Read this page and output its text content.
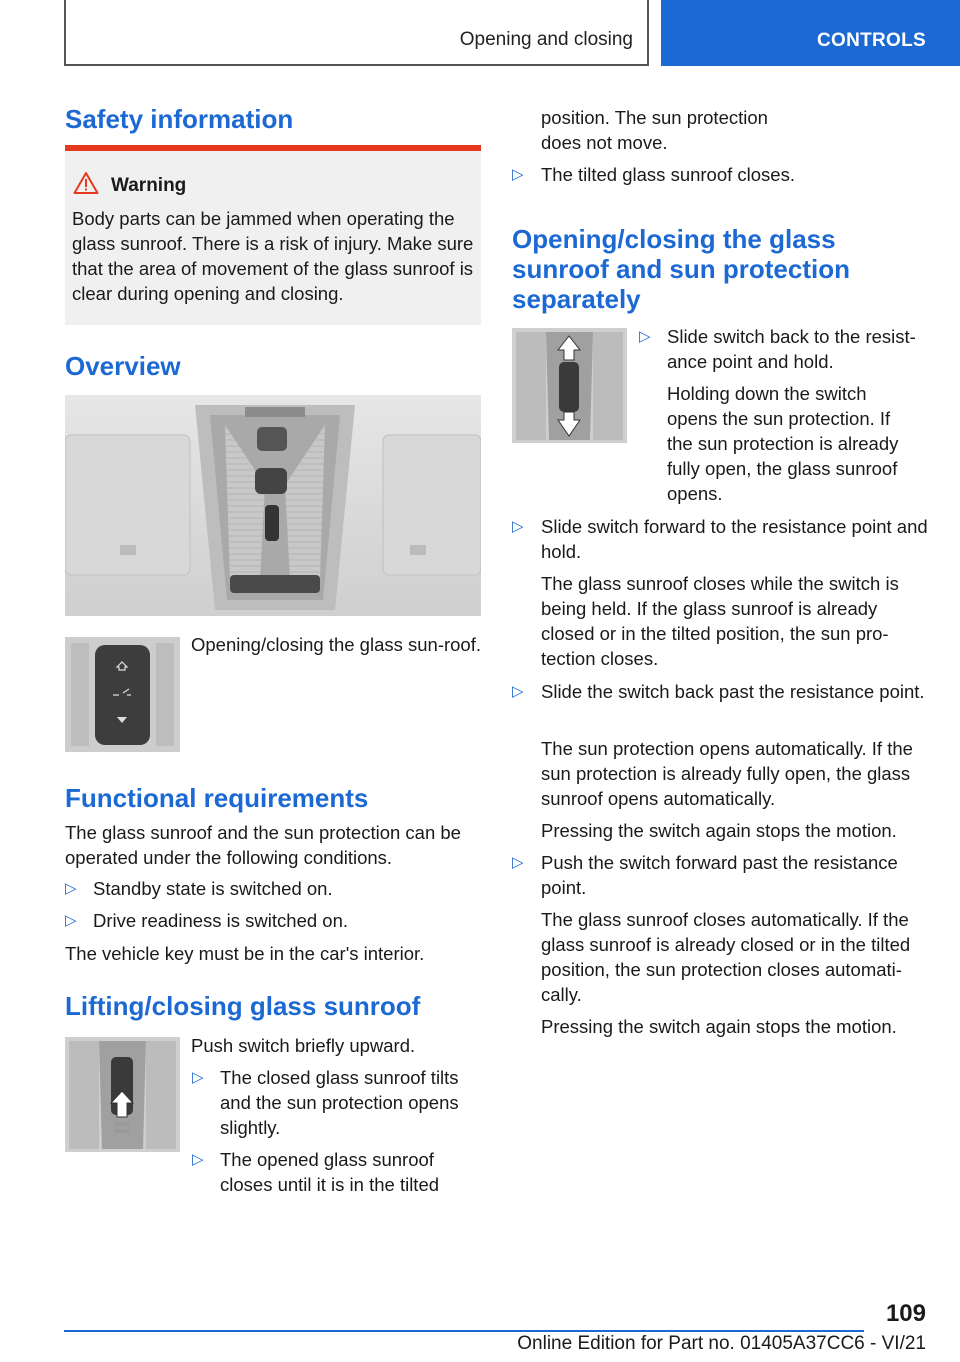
Opening and closing	CONTROLS
Safety information
Warning

Body parts can be jammed when operating the glass sunroof. There is a risk of injury. Make sure that the area of movement of the glass sunroof is clear during opening and closing.

Overview

Opening/closing the glass sun-roof.

Functional requirements

The glass sunroof and the sun protection can be operated under the following conditions.

▷ Standby state is switched on.
▷ Drive readiness is switched on.

The vehicle key must be in the car's interior.

Lifting/closing glass sunroof

Push switch briefly upward.

▷ The closed glass sunroof tilts and the sun protection opens slightly.
▷ The opened glass sunroof closes until it is in the tilted

position. The sun protection does not move.

▷ The tilted glass sunroof closes.
Opening/closing the glass sunroof and sun protection separately
▷ Slide switch back to the resist-ance point and hold.

Holding down the switch opens the sun protection. If the sun protection is already fully open, the glass sunroof opens.

▷ Slide switch forward to the resistance point and hold.

The glass sunroof closes while the switch is being held. If the glass sunroof is already closed or in the tilted position, the sun pro-tection closes.

▷ Slide the switch back past the resistance point.

The sun protection opens automatically. If the sun protection is already fully open, the glass sunroof opens automatically.

Pressing the switch again stops the motion.

▷ Push the switch forward past the resistance point.

The glass sunroof closes automatically. If the glass sunroof is already closed or in the tilted position, the sun protection closes automati-cally.

Pressing the switch again stops the motion.

109
Online Edition for Part no. 01405A37CC6 - VI/21
